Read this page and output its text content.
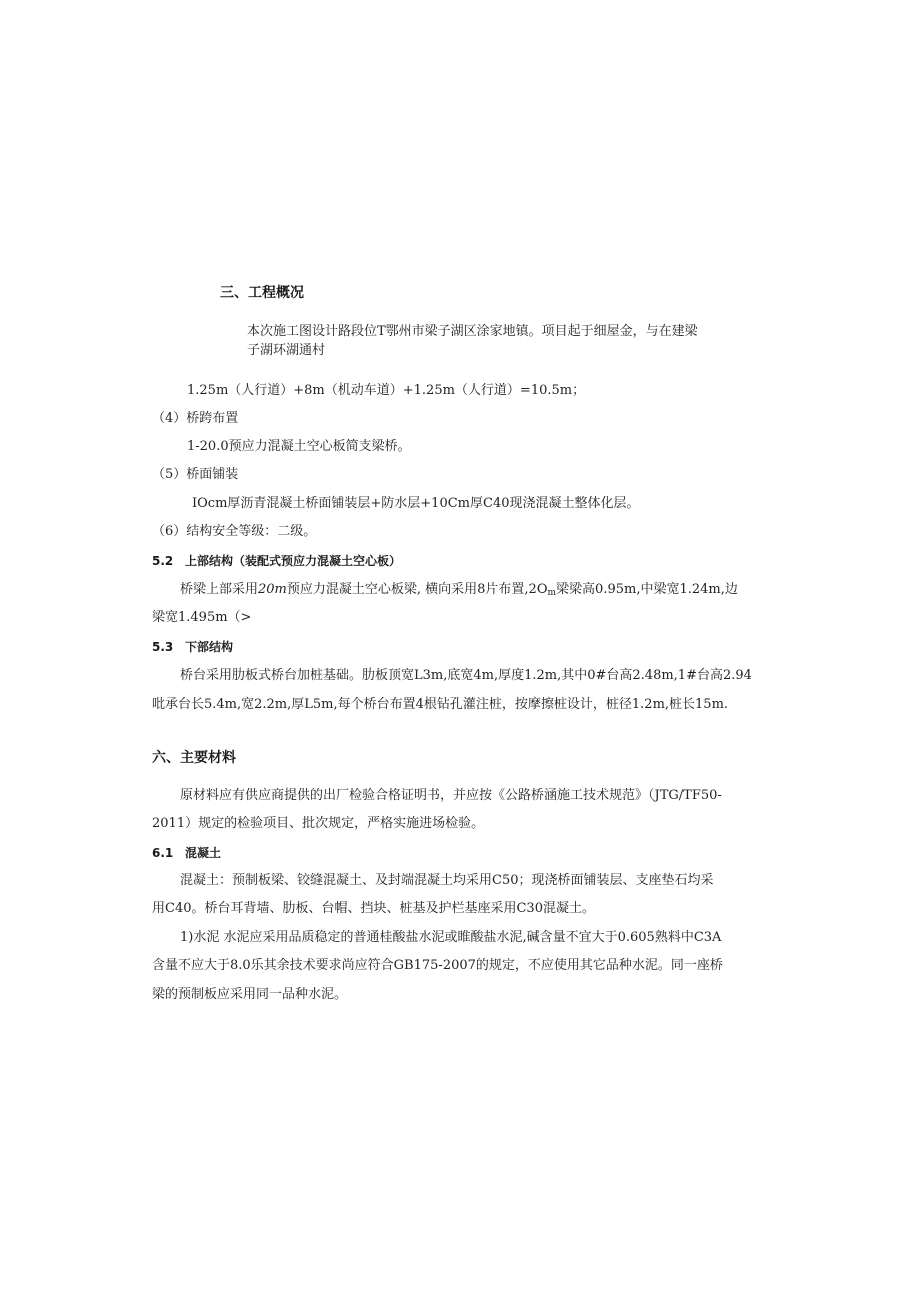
三、工程概况
本次施工图设计路段位T鄂州市梁子湖区涂家地镇。项目起于细屋金，与在建梁
子湖环湖通村
1.25m（人行道）+8m（机动车道）+1.25m（人行道）=10.5m；
（4）桥跨布置
1-20.0预应力混凝土空心板简支梁桥。
（5）桥面铺装
IOcm厚沥青混凝土桥面铺装层+防水层+10Cm厚C40现浇混凝土整体化层。
（6）结构安全等级：二级。
5.2 上部结构（装配式预应力混凝土空心板）
桥梁上部采用20m预应力混凝土空心板梁, 横向采用8片布置,2Om梁梁高0.95m,中梁宽1.24m,边
梁宽1.495m（>
5.3 下部结构
桥台采用肋板式桥台加桩基础。肋板顶宽L3m,底宽4m,厚度1.2m,其中0#台高2.48m,1#台高2.94
吡承台长5.4m,宽2.2m,厚L5m,每个桥台布置4根钻孔灌注桩，按摩擦桩设计，桩径1.2m,桩长15m.
六、主要材料
原材料应有供应商提供的出厂检验合格证明书，并应按《公路桥涵施工技术规范》（JTG/TF50-
2011）规定的检验项目、批次规定，严格实施进场检验。
6.1 混凝土
混凝土：预制板梁、铰缝混凝土、及封端混凝土均采用C50；现浇桥面铺装层、支座垫石均采
用C40。桥台耳背墙、肋板、台帽、挡块、桩基及护栏基座采用C30混凝土。
1)水泥 水泥应采用品质稳定的普通桂酸盐水泥或睢酸盐水泥,碱含量不宜大于0.605熟料中C3A
含量不应大于8.0乐其余技术要求尚应符合GB175-2007的规定，不应使用其它品种水泥。同一座桥
梁的预制板应采用同一品种水泥。
